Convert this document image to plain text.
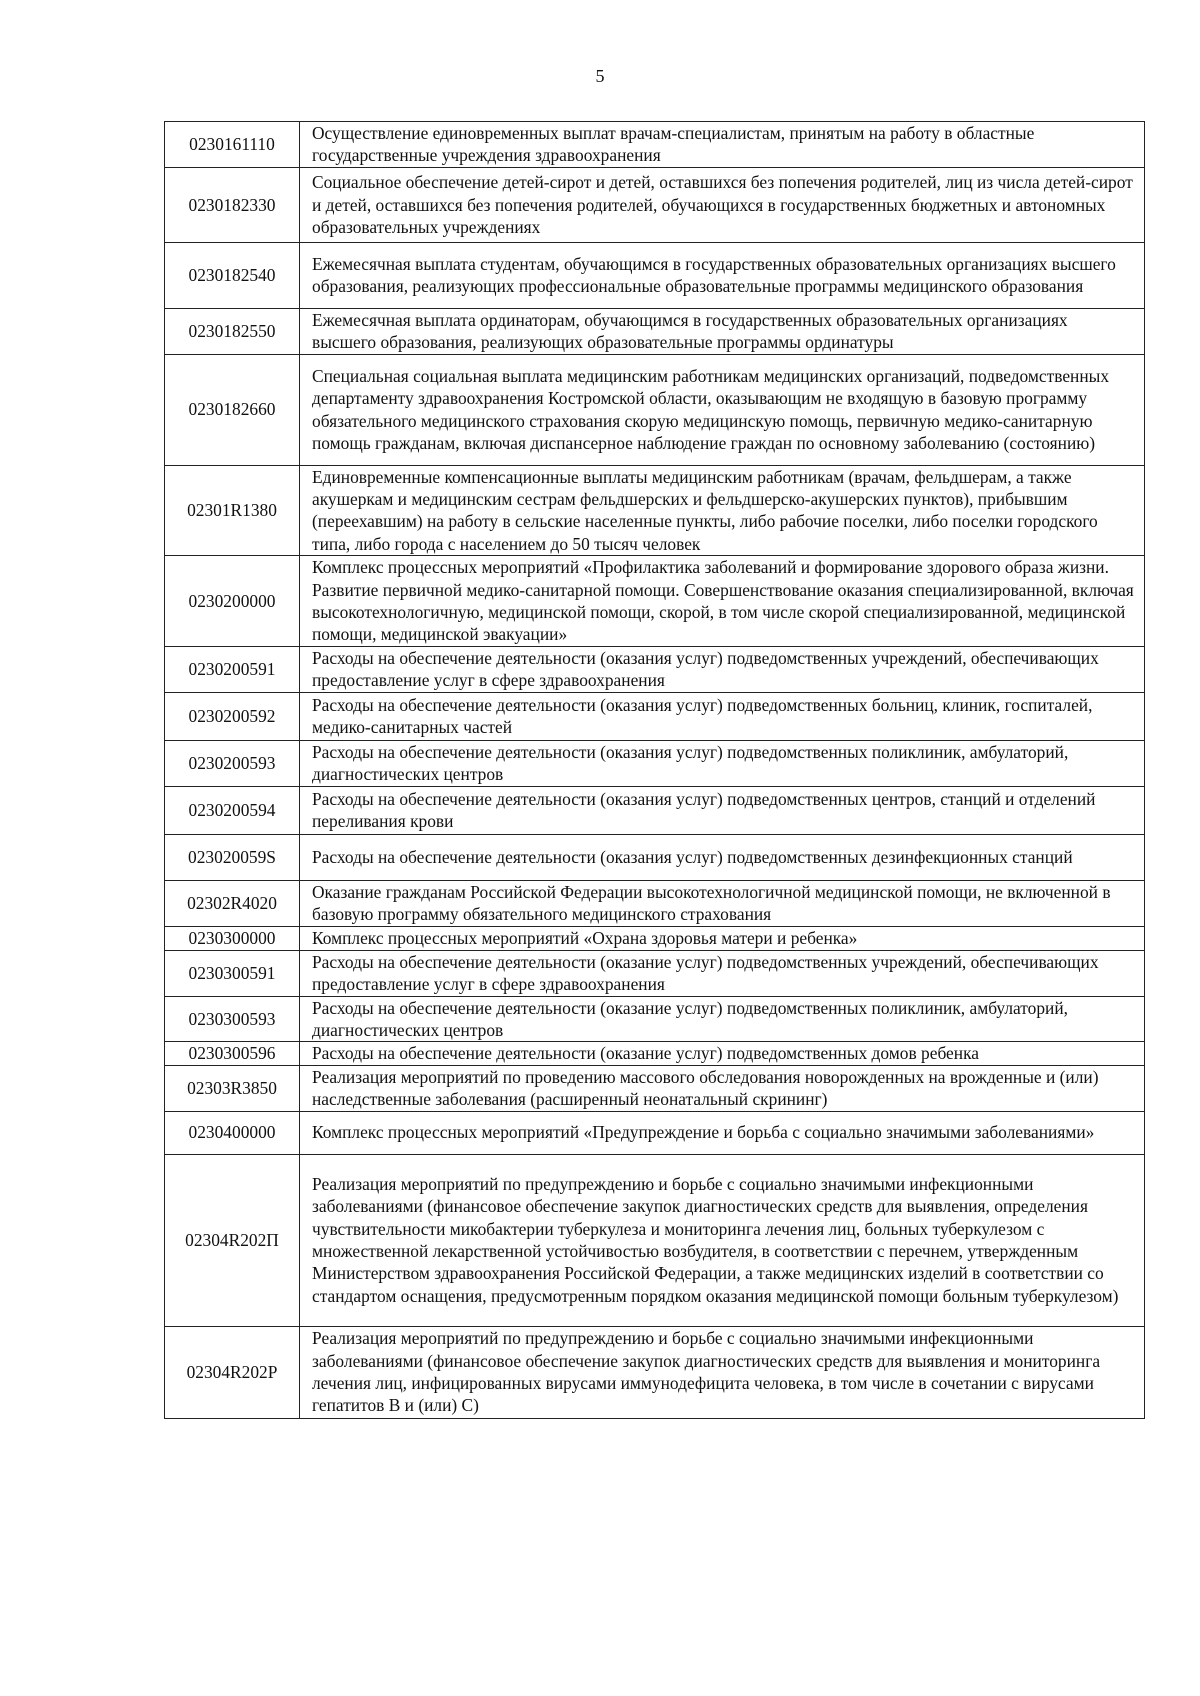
5
0230161110	Осуществление единовременных выплат врачам-специалистам, принятым на работу в областные государственные учреждения здравоохранения
0230182330	Социальное обеспечение детей-сирот и детей, оставшихся без попечения родителей, лиц из числа детей-сирот и детей, оставшихся без попечения родителей, обучающихся в государственных бюджетных и автономных образовательных учреждениях
0230182540	Ежемесячная выплата студентам, обучающимся в государственных образовательных организациях высшего образования, реализующих профессиональные образовательные программы медицинского образования
0230182550	Ежемесячная выплата ординаторам, обучающимся в государственных образовательных организациях высшего образования, реализующих образовательные программы ординатуры
0230182660	Специальная социальная выплата медицинским работникам медицинских организаций, подведомственных департаменту здравоохранения Костромской области, оказывающим не входящую в базовую программу обязательного медицинского страхования скорую медицинскую помощь, первичную медико-санитарную помощь гражданам, включая диспансерное наблюдение граждан по основному заболеванию (состоянию)
02301R1380	Единовременные компенсационные выплаты медицинским работникам (врачам, фельдшерам, а также акушеркам и медицинским сестрам фельдшерских и фельдшерско-акушерских пунктов), прибывшим (переехавшим) на работу в сельские населенные пункты, либо рабочие поселки, либо поселки городского типа, либо города с населением до 50 тысяч человек
0230200000	Комплекс процессных мероприятий «Профилактика заболеваний и формирование здорового образа жизни. Развитие первичной медико-санитарной помощи. Совершенствование оказания специализированной, включая высокотехнологичную, медицинской помощи, скорой, в том числе скорой специализированной, медицинской помощи, медицинской эвакуации»
0230200591	Расходы на обеспечение деятельности (оказания услуг) подведомственных учреждений, обеспечивающих предоставление услуг в сфере здравоохранения
0230200592	Расходы на обеспечение деятельности (оказания услуг) подведомственных больниц, клиник, госпиталей, медико-санитарных частей
0230200593	Расходы на обеспечение деятельности (оказания услуг) подведомственных поликлиник, амбулаторий, диагностических центров
0230200594	Расходы на обеспечение деятельности (оказания услуг) подведомственных центров, станций и отделений переливания крови
023020059S	Расходы на обеспечение деятельности (оказания услуг) подведомственных дезинфекционных станций
02302R4020	Оказание гражданам Российской Федерации высокотехнологичной медицинской помощи, не включенной в базовую программу обязательного медицинского страхования
0230300000	Комплекс процессных мероприятий «Охрана здоровья матери и ребенка»
0230300591	Расходы на обеспечение деятельности (оказание услуг) подведомственных учреждений, обеспечивающих предоставление услуг в сфере здравоохранения
0230300593	Расходы на обеспечение деятельности (оказание услуг) подведомственных поликлиник, амбулаторий, диагностических центров
0230300596	Расходы на обеспечение деятельности (оказание услуг) подведомственных домов ребенка
02303R3850	Реализация мероприятий по проведению массового обследования новорожденных на врожденные и (или) наследственные заболевания (расширенный неонатальный скрининг)
0230400000	Комплекс процессных мероприятий «Предупреждение и борьба с социально значимыми заболеваниями»
02304R202П	Реализация мероприятий по предупреждению и борьбе с социально значимыми инфекционными заболеваниями (финансовое обеспечение закупок диагностических средств для выявления, определения чувствительности микобактерии туберкулеза и мониторинга лечения лиц, больных туберкулезом с множественной лекарственной устойчивостью возбудителя, в соответствии с перечнем, утвержденным Министерством здравоохранения Российской Федерации, а также медицинских изделий в соответствии со стандартом оснащения, предусмотренным порядком оказания медицинской помощи больным туберкулезом)
02304R202Р	Реализация мероприятий по предупреждению и борьбе с социально значимыми инфекционными заболеваниями (финансовое обеспечение закупок диагностических средств для выявления и мониторинга лечения лиц, инфицированных вирусами иммунодефицита человека, в том числе в сочетании с вирусами гепатитов B и (или) C)
